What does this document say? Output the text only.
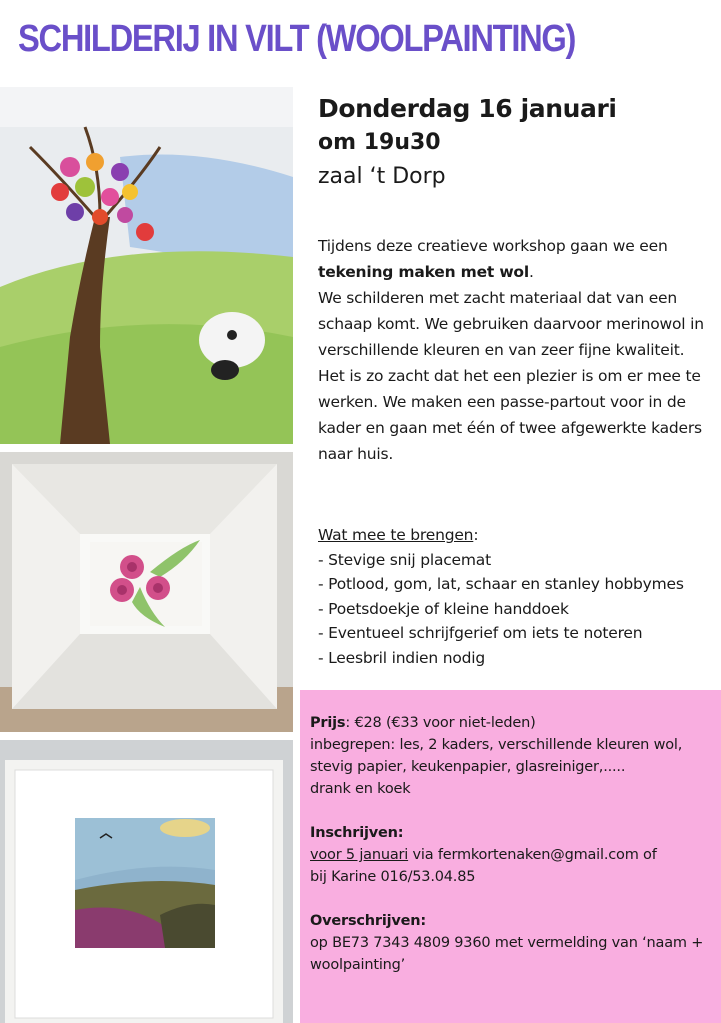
SCHILDERIJ IN VILT (WOOLPAINTING)
Donderdag 16 januari
om 19u30
zaal ‘t Dorp

Tijdens deze creatieve workshop gaan we een tekening maken met wol.

We schilderen met zacht materiaal dat van een schaap komt. We gebruiken daarvoor merinowol in verschillende kleuren en van zeer fijne kwaliteit.

Het is zo zacht dat het een plezier is om er mee te werken. We maken een passe-partout voor in de kader en gaan met één of twee afgewerkte kaders naar huis.

Wat mee te brengen:
- Stevige snij placemat
- Potlood, gom, lat, schaar en stanley hobbymes
- Poetsdoekje of kleine handdoek
- Eventueel schrijfgerief om iets te noteren
- Leesbril indien nodig
Prijs: €28 (€33 voor niet-leden)
inbegrepen: les, 2 kaders, verschillende kleuren wol, stevig papier, keukenpapier, glasreiniger,.....
drank en koek
Inschrijven:
voor 5 januari via fermkortenaken@gmail.com of
bij Karine 016/53.04.85
Overschrijven:
op BE73 7343 4809 9360 met vermelding van ‘naam + woolpainting’
